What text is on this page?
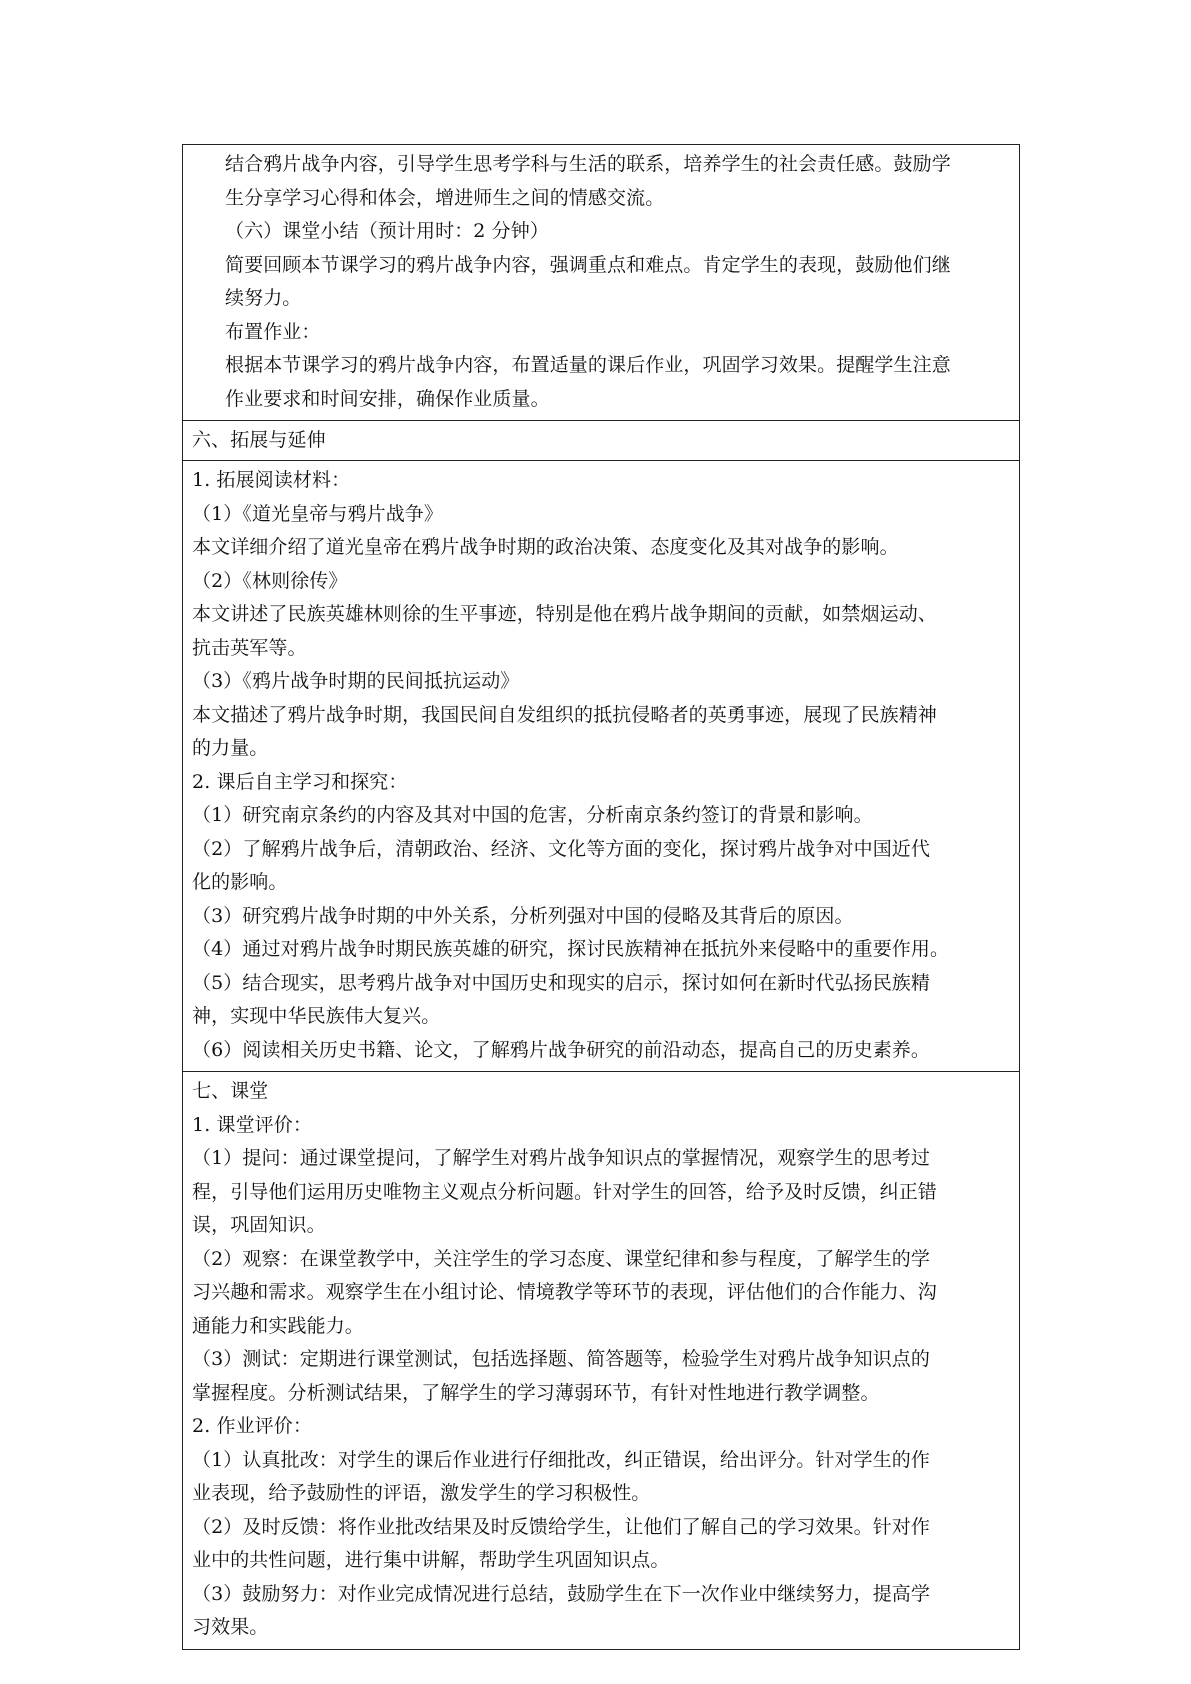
结合鸦片战争内容，引导学生思考学科与生活的联系，培养学生的社会责任感。鼓励学
生分享学习心得和体会，增进师生之间的情感交流。
（六）课堂小结（预计用时：2 分钟）
简要回顾本节课学习的鸦片战争内容，强调重点和难点。肯定学生的表现，鼓励他们继
续努力。
布置作业：
根据本节课学习的鸦片战争内容，布置适量的课后作业，巩固学习效果。提醒学生注意
作业要求和时间安排，确保作业质量。
六、拓展与延伸
1. 拓展阅读材料：
（1）《道光皇帝与鸦片战争》
本文详细介绍了道光皇帝在鸦片战争时期的政治决策、态度变化及其对战争的影响。
（2）《林则徐传》
本文讲述了民族英雄林则徐的生平事迹，特别是他在鸦片战争期间的贡献，如禁烟运动、
抗击英军等。
（3）《鸦片战争时期的民间抵抗运动》
本文描述了鸦片战争时期，我国民间自发组织的抵抗侵略者的英勇事迹，展现了民族精神
的力量。
2. 课后自主学习和探究：
（1）研究南京条约的内容及其对中国的危害，分析南京条约签订的背景和影响。
（2）了解鸦片战争后，清朝政治、经济、文化等方面的变化，探讨鸦片战争对中国近代
化的影响。
（3）研究鸦片战争时期的中外关系，分析列强对中国的侵略及其背后的原因。
（4）通过对鸦片战争时期民族英雄的研究，探讨民族精神在抵抗外来侵略中的重要作用。
（5）结合现实，思考鸦片战争对中国历史和现实的启示，探讨如何在新时代弘扬民族精
神，实现中华民族伟大复兴。
（6）阅读相关历史书籍、论文，了解鸦片战争研究的前沿动态，提高自己的历史素养。
七、课堂
1. 课堂评价：
（1）提问：通过课堂提问，了解学生对鸦片战争知识点的掌握情况，观察学生的思考过
程，引导他们运用历史唯物主义观点分析问题。针对学生的回答，给予及时反馈，纠正错
误，巩固知识。
（2）观察：在课堂教学中，关注学生的学习态度、课堂纪律和参与程度，了解学生的学
习兴趣和需求。观察学生在小组讨论、情境教学等环节的表现，评估他们的合作能力、沟
通能力和实践能力。
（3）测试：定期进行课堂测试，包括选择题、简答题等，检验学生对鸦片战争知识点的
掌握程度。分析测试结果，了解学生的学习薄弱环节，有针对性地进行教学调整。
2. 作业评价：
（1）认真批改：对学生的课后作业进行仔细批改，纠正错误，给出评分。针对学生的作
业表现，给予鼓励性的评语，激发学生的学习积极性。
（2）及时反馈：将作业批改结果及时反馈给学生，让他们了解自己的学习效果。针对作
业中的共性问题，进行集中讲解，帮助学生巩固知识点。
（3）鼓励努力：对作业完成情况进行总结，鼓励学生在下一次作业中继续努力，提高学
习效果。
